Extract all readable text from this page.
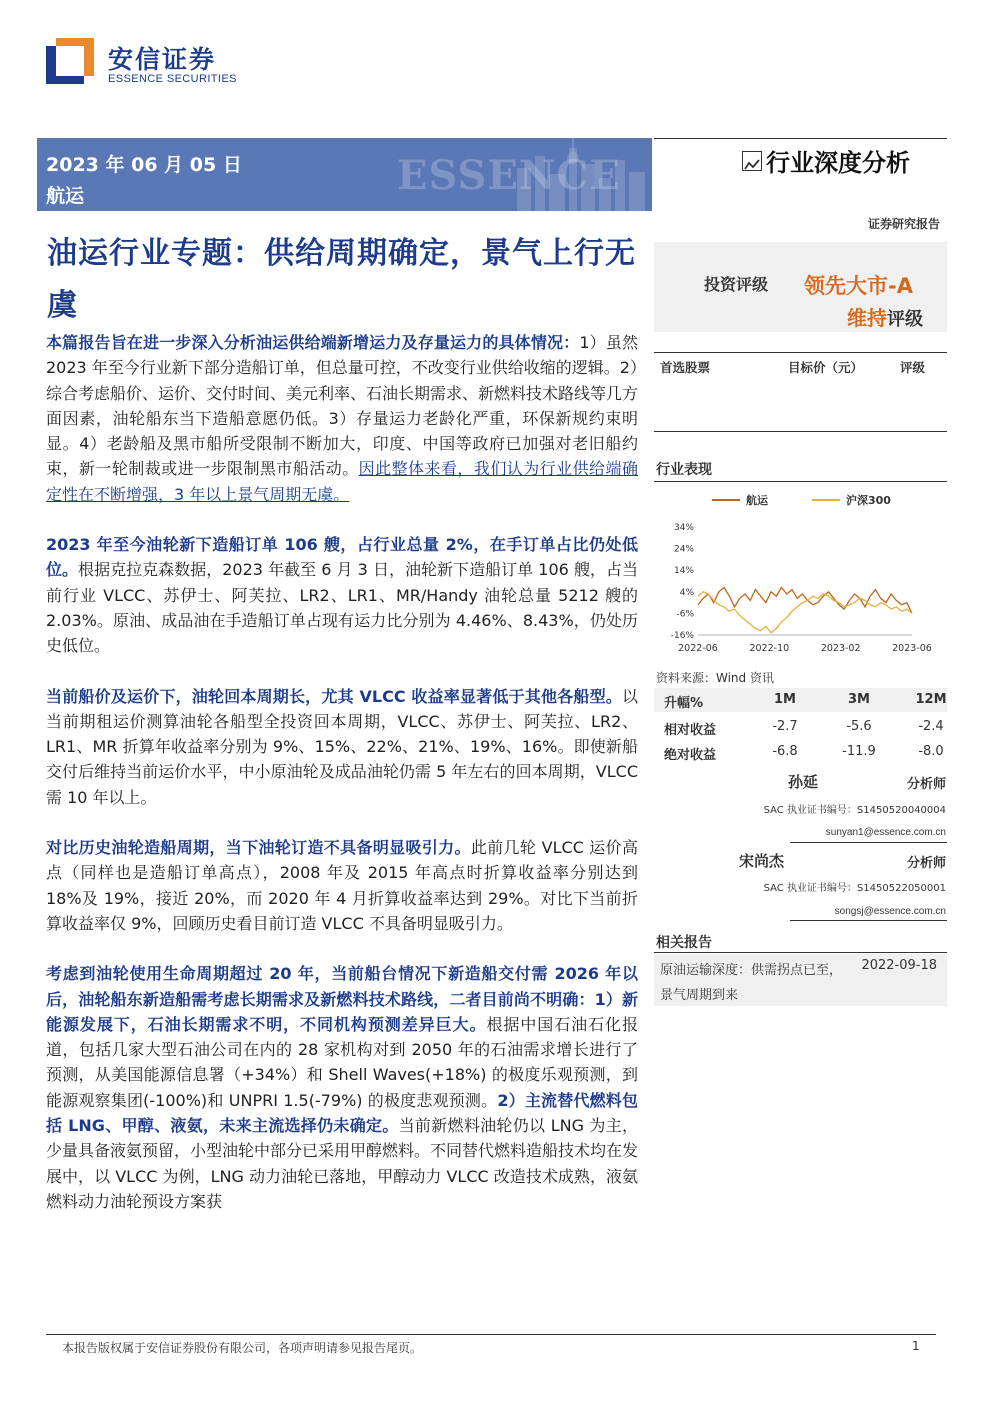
安信证券
ESSENCE SECURITIES
ESSENCE
2023 年 06 月 05 日
航运
行业深度分析
证券研究报告
投资评级 领先大市-A
维持评级
油运行业专题：供给周期确定，景气上行无虞

本篇报告旨在进一步深入分析油运供给端新增运力及存量运力的具体情况：1）虽然 2023 年至今行业新下部分造船订单，但总量可控，不改变行业供给收缩的逻辑。2）综合考虑船价、运价、交付时间、美元利率、石油长期需求、新燃料技术路线等几方面因素，油轮船东当下造船意愿仍低。3）存量运力老龄化严重，环保新规约束明显。4）老龄船及黑市船所受限制不断加大，印度、中国等政府已加强对老旧船约束，新一轮制裁或进一步限制黑市船活动。因此整体来看，我们认为行业供给端确定性在不断增强，3 年以上景气周期无虞。

2023 年至今油轮新下造船订单 106 艘，占行业总量 2%，在手订单占比仍处低位。根据克拉克森数据，2023 年截至 6 月 3 日，油轮新下造船订单 106 艘，占当前行业 VLCC、苏伊士、阿芙拉、LR2、LR1、MR/Handy 油轮总量 5212 艘的 2.03%。原油、成品油在手造船订单占现有运力比分别为 4.46%、8.43%，仍处历史低位。

当前船价及运价下，油轮回本周期长，尤其 VLCC 收益率显著低于其他各船型。以当前期租运价测算油轮各船型全投资回本周期，VLCC、苏伊士、阿芙拉、LR2、LR1、MR 折算年收益率分别为 9%、15%、22%、21%、19%、16%。即使新船交付后维持当前运价水平，中小原油轮及成品油轮仍需 5 年左右的回本周期，VLCC 需 10 年以上。

对比历史油轮造船周期，当下油轮订造不具备明显吸引力。此前几轮 VLCC 运价高点（同样也是造船订单高点），2008 年及 2015 年高点时折算收益率分别达到 18%及 19%，接近 20%，而 2020 年 4 月折算收益率达到 29%。对比下当前折算收益率仅 9%，回顾历史看目前订造 VLCC 不具备明显吸引力。

考虑到油轮使用生命周期超过 20 年，当前船台情况下新造船交付需 2026 年以后，油轮船东新造船需考虑长期需求及新燃料技术路线，二者目前尚不明确：1）新能源发展下，石油长期需求不明，不同机构预测差异巨大。根据中国石油石化报道，包括几家大型石油公司在内的 28 家机构对到 2050 年的石油需求增长进行了预测，从美国能源信息署（+34%）和 Shell Waves(+18%) 的极度乐观预测，到能源观察集团(-100%)和 UNPRI 1.5(-79%) 的极度悲观预测。2）主流替代燃料包括 LNG、甲醇、液氨，未来主流选择仍未确定。当前新燃料油轮仍以 LNG 为主，少量具备液氨预留，小型油轮中部分已采用甲醇燃料。不同替代燃料造船技术均在发展中，以 VLCC 为例，LNG 动力油轮已落地，甲醇动力 VLCC 改造技术成熟，液氨燃料动力油轮预设方案获

首选股票	目标价（元）	评级
行业表现
航运	沪深300
34%
24%
14%
4%
-6%
-16%
2022-06	2022-10	2023-02	2023-06
资料来源：Wind 资讯
升幅%	1M	3M	12M
相对收益	-2.7	-5.6	-2.4
绝对收益	-6.8	-11.9	-8.0
孙延	分析师
SAC 执业证书编号：S1450520040004
sunyan1@essence.com.cn
宋尚杰	分析师
SAC 执业证书编号：S1450522050001
songsj@essence.com.cn
相关报告
原油运输深度：供需拐点已至，景气周期到来
2022-09-18
本报告版权属于安信证券股份有限公司，各项声明请参见报告尾页。	1
